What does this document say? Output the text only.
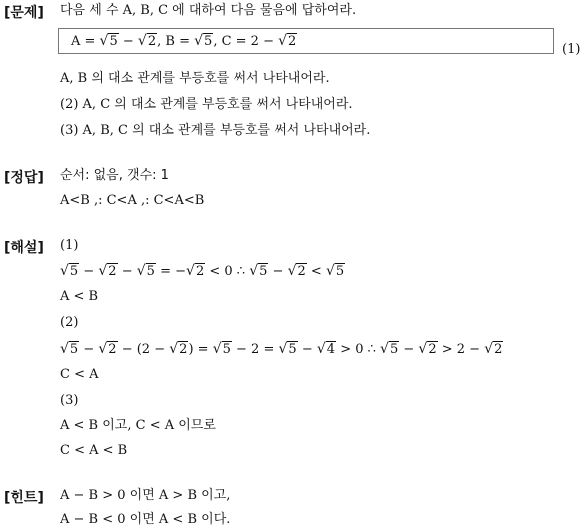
[문제] 다음 세 수 A, B, C 에 대하여 다음 물음에 답하여라.
A = √5 − √2, B = √5, C = 2 − √2
(1)
A, B 의 대소 관계를 부등호를 써서 나타내어라.
(2) A, C 의 대소 관계를 부등호를 써서 나타내어라.
(3) A, B, C 의 대소 관계를 부등호를 써서 나타내어라.
[정답] 순서: 없음, 갯수: 1
A<B ,: C<A ,: C<A<B
[해설] (1)
√5 − √2 − √5 = −√2 < 0 ∴ √5 − √2 < √5
A < B
(2)
√5 − √2 − (2 − √2) = √5 − 2 = √5 − √4 > 0 ∴ √5 − √2 > 2 − √2
C < A
(3)
A < B 이고, C < A 이므로
C < A < B
[힌트] A − B > 0 이면 A > B 이고,
A − B < 0 이면 A < B 이다.
